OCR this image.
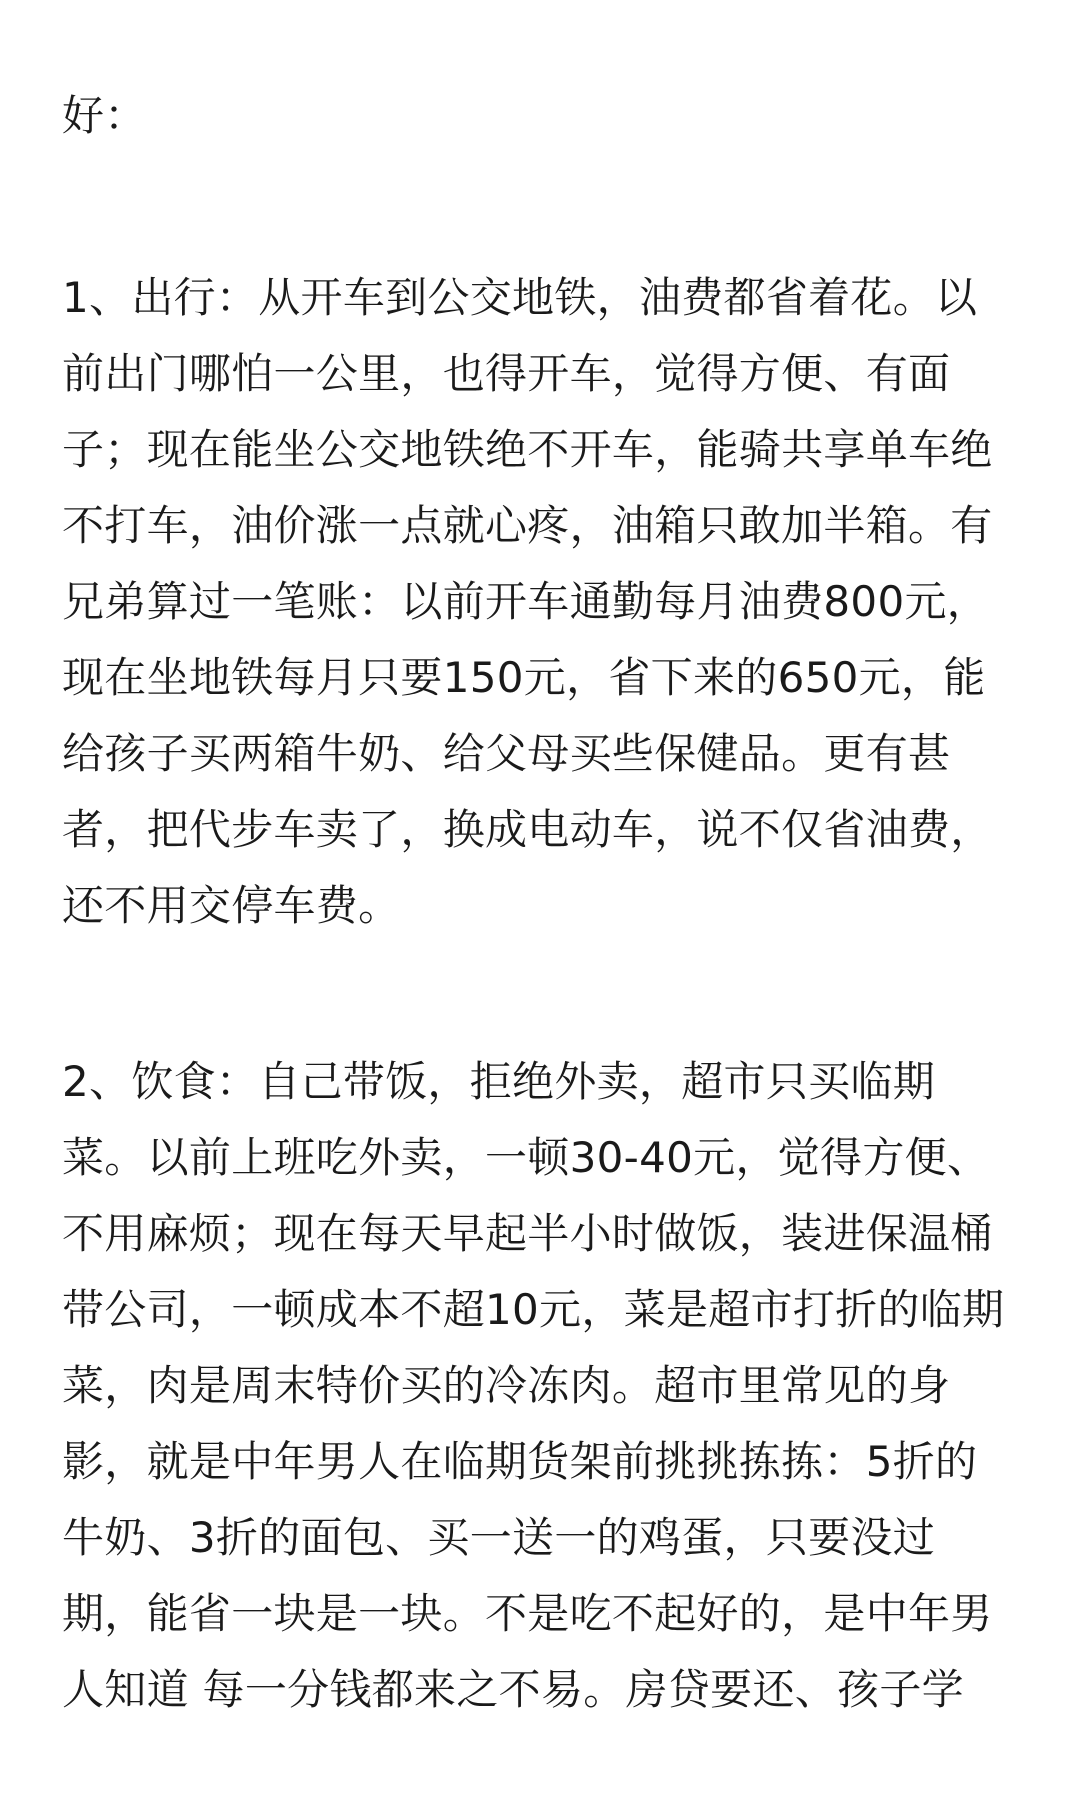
好：

1、出行：从开车到公交地铁，油费都省着花。以
前出门哪怕一公里，也得开车，觉得方便、有面
子；现在能坐公交地铁绝不开车，能骑共享单车绝
不打车，油价涨一点就心疼，油箱只敢加半箱。有
兄弟算过一笔账：以前开车通勤每月油费800元，
现在坐地铁每月只要150元，省下来的650元，能
给孩子买两箱牛奶、给父母买些保健品。更有甚
者，把代步车卖了，换成电动车，说不仅省油费，
还不用交停车费。

2、饮食：自己带饭，拒绝外卖，超市只买临期
菜。以前上班吃外卖，一顿30-40元，觉得方便、
不用麻烦；现在每天早起半小时做饭，装进保温桶
带公司，一顿成本不超10元，菜是超市打折的临期
菜，肉是周末特价买的冷冻肉。超市里常见的身
影，就是中年男人在临期货架前挑挑拣拣：5折的
牛奶、3折的面包、买一送一的鸡蛋，只要没过
期，能省一块是一块。不是吃不起好的，是中年男
人知道 每一分钱都来之不易。房贷要还、孩子学
